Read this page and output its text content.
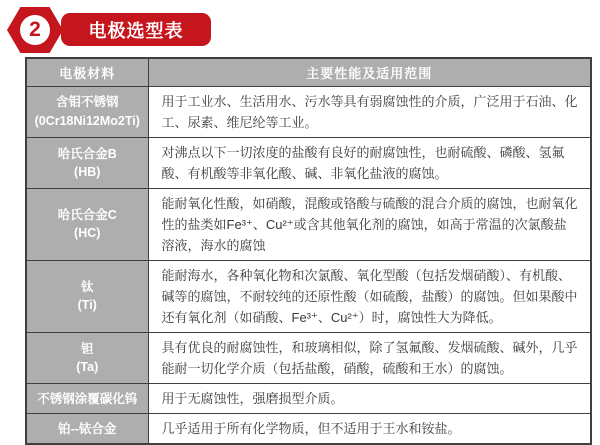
2	电极选型表
电极材料	主要性能及适用范围
含钼不锈钢
(0Cr18Ni12Mo2Ti)	用于工业水、生活用水、污水等具有弱腐蚀性的介质，广泛用于石油、化工、尿素、维尼纶等工业。
哈氏合金B
(HB)	对沸点以下一切浓度的盐酸有良好的耐腐蚀性，也耐硫酸、磷酸、氢氟酸、有机酸等非氧化酸、碱、非氧化盐液的腐蚀。
哈氏合金C
(HC)	能耐氧化性酸，如硝酸，混酸或铬酸与硫酸的混合介质的腐蚀，也耐氧化性的盐类如Fe³⁺、Cu²⁺或含其他氧化剂的腐蚀，如高于常温的次氯酸盐溶液，海水的腐蚀
钛
(Ti)	能耐海水，各种氧化物和次氯酸、氧化型酸（包括发烟硝酸）、有机酸、碱等的腐蚀，不耐较纯的还原性酸（如硫酸，盐酸）的腐蚀。但如果酸中还有氧化剂（如硝酸、Fe³⁺、Cu²⁺）时，腐蚀性大为降低。
钽
(Ta)	具有优良的耐腐蚀性，和玻璃相似，除了氢氟酸、发烟硫酸、碱外，几乎能耐一切化学介质（包括盐酸，硝酸，硫酸和王水）的腐蚀。
不锈钢涂覆碳化钨	用于无腐蚀性，强磨损型介质。
铂--铱合金	几乎适用于所有化学物质，但不适用于王水和铵盐。
